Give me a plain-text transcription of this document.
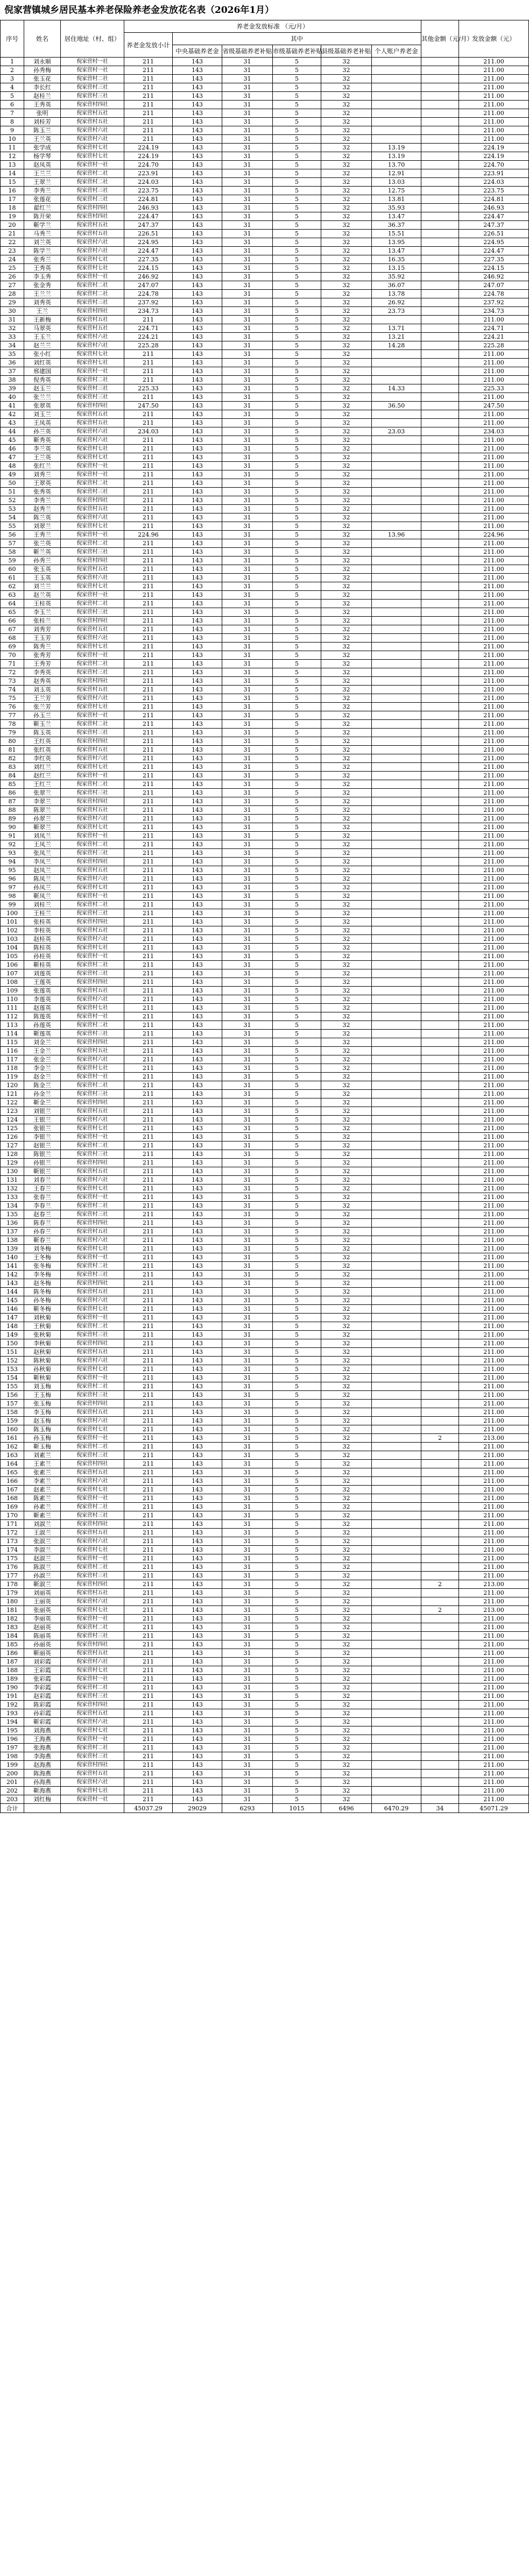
倪家营镇城乡居民基本养老保险养老金发放花名表（2026年1月）
序号	姓名	居住地址（村、组）	养老金发放标准 （元/月）						其他金额（元/月）	发放金额（元）
			养老金发放小计	其中						
				中央基础养老金	省级基础养老补贴	市级基础养老补贴	县级基础养老补贴	个人账户养老金		
1	刘永顺	倪家营村一社	211	143	31	5	32			211.00
2	孙秀梅	倪家营村一社	211	143	31	5	32			211.00
3	张玉花	倪家营村二社	211	143	31	5	32			211.00
4	李长红	倪家营村三社	211	143	31	5	32			211.00
5	赵桂兰	倪家营村三社	211	143	31	5	32			211.00
6	王秀英	倪家营村四社	211	143	31	5	32			211.00
7	张明	倪家营村五社	211	143	31	5	32			211.00
8	刘桂芳	倪家营村五社	211	143	31	5	32			211.00
9	陈玉兰	倪家营村六社	211	143	31	5	32			211.00
10	王兰英	倪家营村六社	211	143	31	5	32			211.00
11	张学成	倪家营村七社	224.19	143	31	5	32	13.19		224.19
12	杨学琴	倪家营村七社	224.19	143	31	5	32	13.19		224.19
13	赵凤英	倪家营村一社	224.70	143	31	5	32	13.70		224.70
14	王兰兰	倪家营村二社	223.91	143	31	5	32	12.91		223.91
15	王翠兰	倪家营村二社	224.03	143	31	5	32	13.03		224.03
16	李秀兰	倪家营村三社	223.75	143	31	5	32	12.75		223.75
17	张莲花	倪家营村三社	224.81	143	31	5	32	13.81		224.81
18	翟红兰	倪家营村四社	246.93	143	31	5	32	35.93		246.93
19	陈开荣	倪家营村四社	224.47	143	31	5	32	13.47		224.47
20	靳学兰	倪家营村五社	247.37	143	31	5	32	36.37		247.37
21	马秀兰	倪家营村五社	226.51	143	31	5	32	15.51		226.51
22	刘兰英	倪家营村六社	224.95	143	31	5	32	13.95		224.95
23	陈学兰	倪家营村六社	224.47	143	31	5	32	13.47		224.47
24	张秀兰	倪家营村七社	227.35	143	31	5	32	16.35		227.35
25	王秀英	倪家营村七社	224.15	143	31	5	32	13.15		224.15
26	李玉秀	倪家营村一社	246.92	143	31	5	32	35.92		246.92
27	张金秀	倪家营村二社	247.07	143	31	5	32	36.07		247.07
28	王兰兰	倪家营村二社	224.78	143	31	5	32	13.78		224.78
29	刘秀英	倪家营村三社	237.92	143	31	5	32	26.92		237.92
30	王兰	倪家营村四社	234.73	143	31	5	32	23.73		234.73
31	王新梅	倪家营村五社	211	143	31	5	32			211.00
32	马翠英	倪家营村五社	224.71	143	31	5	32	13.71		224.71
33	王玉兰	倪家营村六社	224.21	143	31	5	32	13.21		224.21
34	赵兰兰	倪家营村六社	225.28	143	31	5	32	14.28		225.28
35	张小红	倪家营村七社	211	143	31	5	32			211.00
36	刘红英	倪家营村七社	211	143	31	5	32			211.00
37	邢建国	倪家营村一社	211	143	31	5	32			211.00
38	倪秀英	倪家营村二社	211	143	31	5	32			211.00
39	赵玉兰	倪家营村三社	225.33	143	31	5	32	14.33		225.33
40	张兰兰	倪家营村三社	211	143	31	5	32			211.00
41	张翠英	倪家营村四社	247.50	143	31	5	32	36.50		247.50
42	刘玉兰	倪家营村五社	211	143	31	5	32			211.00
43	王凤英	倪家营村五社	211	143	31	5	32			211.00
44	孙兰英	倪家营村六社	234.03	143	31	5	32	23.03		234.03
45	靳秀英	倪家营村六社	211	143	31	5	32			211.00
46	李兰英	倪家营村七社	211	143	31	5	32			211.00
47	王兰英	倪家营村七社	211	143	31	5	32			211.00
48	张红兰	倪家营村一社	211	143	31	5	32			211.00
49	刘秀兰	倪家营村一社	211	143	31	5	32			211.00
50	王翠英	倪家营村二社	211	143	31	5	32			211.00
51	张秀英	倪家营村三社	211	143	31	5	32			211.00
52	李秀兰	倪家营村四社	211	143	31	5	32			211.00
53	赵秀兰	倪家营村五社	211	143	31	5	32			211.00
54	陈兰英	倪家营村六社	211	143	31	5	32			211.00
55	刘翠兰	倪家营村七社	211	143	31	5	32			211.00
56	王秀兰	倪家营村一社	224.96	143	31	5	32	13.96		224.96
57	张兰英	倪家营村二社	211	143	31	5	32			211.00
58	靳兰英	倪家营村三社	211	143	31	5	32			211.00
59	孙秀兰	倪家营村四社	211	143	31	5	32			211.00
60	张玉英	倪家营村五社	211	143	31	5	32			211.00
61	王玉英	倪家营村六社	211	143	31	5	32			211.00
62	刘兰兰	倪家营村七社	211	143	31	5	32			211.00
63	赵兰英	倪家营村一社	211	143	31	5	32			211.00
64	王桂英	倪家营村二社	211	143	31	5	32			211.00
65	李玉兰	倪家营村三社	211	143	31	5	32			211.00
66	张桂兰	倪家营村四社	211	143	31	5	32			211.00
67	刘秀芳	倪家营村五社	211	143	31	5	32			211.00
68	王玉芳	倪家营村六社	211	143	31	5	32			211.00
69	陈秀兰	倪家营村七社	211	143	31	5	32			211.00
70	张秀芳	倪家营村一社	211	143	31	5	32			211.00
71	王秀芳	倪家营村二社	211	143	31	5	32			211.00
72	李秀英	倪家营村三社	211	143	31	5	32			211.00
73	赵秀英	倪家营村四社	211	143	31	5	32			211.00
74	刘玉英	倪家营村五社	211	143	31	5	32			211.00
75	王兰芳	倪家营村六社	211	143	31	5	32			211.00
76	张兰芳	倪家营村七社	211	143	31	5	32			211.00
77	孙玉兰	倪家营村一社	211	143	31	5	32			211.00
78	靳玉兰	倪家营村二社	211	143	31	5	32			211.00
79	陈玉英	倪家营村三社	211	143	31	5	32			211.00
80	王红英	倪家营村四社	211	143	31	5	32			211.00
81	张红英	倪家营村五社	211	143	31	5	32			211.00
82	李红英	倪家营村六社	211	143	31	5	32			211.00
83	刘红兰	倪家营村七社	211	143	31	5	32			211.00
84	赵红兰	倪家营村一社	211	143	31	5	32			211.00
85	王红兰	倪家营村二社	211	143	31	5	32			211.00
86	张翠兰	倪家营村三社	211	143	31	5	32			211.00
87	李翠兰	倪家营村四社	211	143	31	5	32			211.00
88	陈翠兰	倪家营村五社	211	143	31	5	32			211.00
89	孙翠兰	倪家营村六社	211	143	31	5	32			211.00
90	靳翠兰	倪家营村七社	211	143	31	5	32			211.00
91	刘凤兰	倪家营村一社	211	143	31	5	32			211.00
92	王凤兰	倪家营村二社	211	143	31	5	32			211.00
93	张凤兰	倪家营村三社	211	143	31	5	32			211.00
94	李凤兰	倪家营村四社	211	143	31	5	32			211.00
95	赵凤兰	倪家营村五社	211	143	31	5	32			211.00
96	陈凤兰	倪家营村六社	211	143	31	5	32			211.00
97	孙凤兰	倪家营村七社	211	143	31	5	32			211.00
98	靳凤兰	倪家营村一社	211	143	31	5	32			211.00
99	刘桂兰	倪家营村二社	211	143	31	5	32			211.00
100	王桂兰	倪家营村三社	211	143	31	5	32			211.00
101	张桂英	倪家营村四社	211	143	31	5	32			211.00
102	李桂英	倪家营村五社	211	143	31	5	32			211.00
103	赵桂英	倪家营村六社	211	143	31	5	32			211.00
104	陈桂英	倪家营村七社	211	143	31	5	32			211.00
105	孙桂英	倪家营村一社	211	143	31	5	32			211.00
106	靳桂英	倪家营村二社	211	143	31	5	32			211.00
107	刘莲英	倪家营村三社	211	143	31	5	32			211.00
108	王莲英	倪家营村四社	211	143	31	5	32			211.00
109	张莲英	倪家营村五社	211	143	31	5	32			211.00
110	李莲英	倪家营村六社	211	143	31	5	32			211.00
111	赵莲英	倪家营村七社	211	143	31	5	32			211.00
112	陈莲英	倪家营村一社	211	143	31	5	32			211.00
113	孙莲英	倪家营村二社	211	143	31	5	32			211.00
114	靳莲英	倪家营村三社	211	143	31	5	32			211.00
115	刘金兰	倪家营村四社	211	143	31	5	32			211.00
116	王金兰	倪家营村五社	211	143	31	5	32			211.00
117	张金兰	倪家营村六社	211	143	31	5	32			211.00
118	李金兰	倪家营村七社	211	143	31	5	32			211.00
119	赵金兰	倪家营村一社	211	143	31	5	32			211.00
120	陈金兰	倪家营村二社	211	143	31	5	32			211.00
121	孙金兰	倪家营村三社	211	143	31	5	32			211.00
122	靳金兰	倪家营村四社	211	143	31	5	32			211.00
123	刘银兰	倪家营村五社	211	143	31	5	32			211.00
124	王银兰	倪家营村六社	211	143	31	5	32			211.00
125	张银兰	倪家营村七社	211	143	31	5	32			211.00
126	李银兰	倪家营村一社	211	143	31	5	32			211.00
127	赵银兰	倪家营村二社	211	143	31	5	32			211.00
128	陈银兰	倪家营村三社	211	143	31	5	32			211.00
129	孙银兰	倪家营村四社	211	143	31	5	32			211.00
130	靳银兰	倪家营村五社	211	143	31	5	32			211.00
131	刘春兰	倪家营村六社	211	143	31	5	32			211.00
132	王春兰	倪家营村七社	211	143	31	5	32			211.00
133	张春兰	倪家营村一社	211	143	31	5	32			211.00
134	李春兰	倪家营村二社	211	143	31	5	32			211.00
135	赵春兰	倪家营村三社	211	143	31	5	32			211.00
136	陈春兰	倪家营村四社	211	143	31	5	32			211.00
137	孙春兰	倪家营村五社	211	143	31	5	32			211.00
138	靳春兰	倪家营村六社	211	143	31	5	32			211.00
139	刘冬梅	倪家营村七社	211	143	31	5	32			211.00
140	王冬梅	倪家营村一社	211	143	31	5	32			211.00
141	张冬梅	倪家营村二社	211	143	31	5	32			211.00
142	李冬梅	倪家营村三社	211	143	31	5	32			211.00
143	赵冬梅	倪家营村四社	211	143	31	5	32			211.00
144	陈冬梅	倪家营村五社	211	143	31	5	32			211.00
145	孙冬梅	倪家营村六社	211	143	31	5	32			211.00
146	靳冬梅	倪家营村七社	211	143	31	5	32			211.00
147	刘秋菊	倪家营村一社	211	143	31	5	32			211.00
148	王秋菊	倪家营村二社	211	143	31	5	32			211.00
149	张秋菊	倪家营村三社	211	143	31	5	32			211.00
150	李秋菊	倪家营村四社	211	143	31	5	32			211.00
151	赵秋菊	倪家营村五社	211	143	31	5	32			211.00
152	陈秋菊	倪家营村六社	211	143	31	5	32			211.00
153	孙秋菊	倪家营村七社	211	143	31	5	32			211.00
154	靳秋菊	倪家营村一社	211	143	31	5	32			211.00
155	刘玉梅	倪家营村二社	211	143	31	5	32			211.00
156	王玉梅	倪家营村三社	211	143	31	5	32			211.00
157	张玉梅	倪家营村四社	211	143	31	5	32			211.00
158	李玉梅	倪家营村五社	211	143	31	5	32			211.00
159	赵玉梅	倪家营村六社	211	143	31	5	32			211.00
160	陈玉梅	倪家营村七社	211	143	31	5	32			211.00
161	孙玉梅	倪家营村一社	211	143	31	5	32		2	213.00
162	靳玉梅	倪家营村二社	211	143	31	5	32			211.00
163	刘素兰	倪家营村三社	211	143	31	5	32			211.00
164	王素兰	倪家营村四社	211	143	31	5	32			211.00
165	张素兰	倪家营村五社	211	143	31	5	32			211.00
166	李素兰	倪家营村六社	211	143	31	5	32			211.00
167	赵素兰	倪家营村七社	211	143	31	5	32			211.00
168	陈素兰	倪家营村一社	211	143	31	5	32			211.00
169	孙素兰	倪家营村二社	211	143	31	5	32			211.00
170	靳素兰	倪家营村三社	211	143	31	5	32			211.00
171	刘淑兰	倪家营村四社	211	143	31	5	32			211.00
172	王淑兰	倪家营村五社	211	143	31	5	32			211.00
173	张淑兰	倪家营村六社	211	143	31	5	32			211.00
174	李淑兰	倪家营村七社	211	143	31	5	32			211.00
175	赵淑兰	倪家营村一社	211	143	31	5	32			211.00
176	陈淑兰	倪家营村二社	211	143	31	5	32			211.00
177	孙淑兰	倪家营村三社	211	143	31	5	32			211.00
178	靳淑兰	倪家营村四社	211	143	31	5	32		2	213.00
179	刘丽英	倪家营村五社	211	143	31	5	32			211.00
180	王丽英	倪家营村六社	211	143	31	5	32			211.00
181	张丽英	倪家营村七社	211	143	31	5	32		2	213.00
182	李丽英	倪家营村一社	211	143	31	5	32			211.00
183	赵丽英	倪家营村二社	211	143	31	5	32			211.00
184	陈丽英	倪家营村三社	211	143	31	5	32			211.00
185	孙丽英	倪家营村四社	211	143	31	5	32			211.00
186	靳丽英	倪家营村五社	211	143	31	5	32			211.00
187	刘彩霞	倪家营村六社	211	143	31	5	32			211.00
188	王彩霞	倪家营村七社	211	143	31	5	32			211.00
189	张彩霞	倪家营村一社	211	143	31	5	32			211.00
190	李彩霞	倪家营村二社	211	143	31	5	32			211.00
191	赵彩霞	倪家营村三社	211	143	31	5	32			211.00
192	陈彩霞	倪家营村四社	211	143	31	5	32			211.00
193	孙彩霞	倪家营村五社	211	143	31	5	32			211.00
194	靳彩霞	倪家营村六社	211	143	31	5	32			211.00
195	刘海燕	倪家营村七社	211	143	31	5	32			211.00
196	王海燕	倪家营村一社	211	143	31	5	32			211.00
197	张海燕	倪家营村二社	211	143	31	5	32			211.00
198	李海燕	倪家营村三社	211	143	31	5	32			211.00
199	赵海燕	倪家营村四社	211	143	31	5	32			211.00
200	陈海燕	倪家营村五社	211	143	31	5	32			211.00
201	孙海燕	倪家营村六社	211	143	31	5	32			211.00
202	靳海燕	倪家营村七社	211	143	31	5	32			211.00
203	刘红梅	倪家营村一社	211	143	31	5	32			211.00
合计			45037.29	29029	6293	1015	6496	6470.29	34	45071.29
